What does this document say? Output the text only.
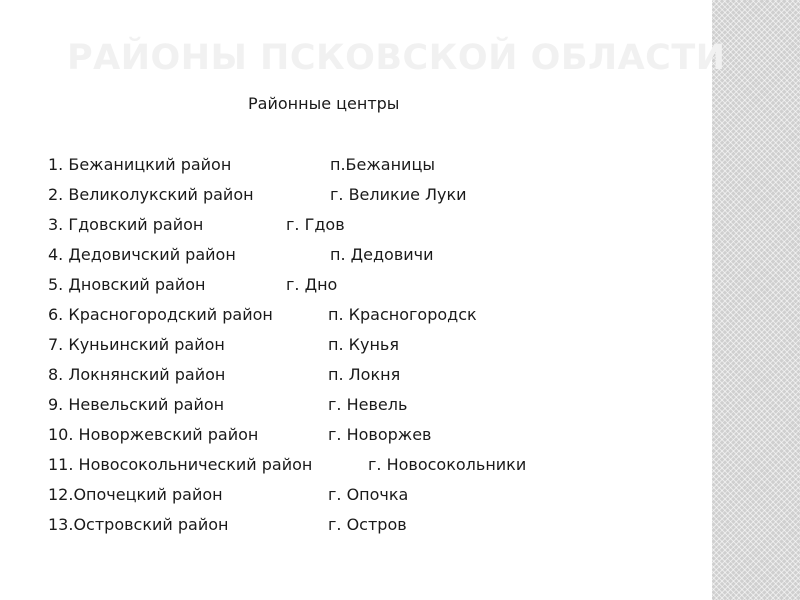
РАЙОНЫ ПСКОВСКОЙ ОБЛАСТИ
Районные центры
1. Бежаницкий район	п.Бежаницы
2. Великолукский район	г. Великие Луки
3. Гдовский район	г. Гдов
4. Дедовичский район	п. Дедовичи
5. Дновский район	г. Дно
6. Красногородский район	п. Красногородск
7. Куньинский район	п. Кунья
8. Локнянский район	п. Локня
9. Невельский район	г. Невель
10. Новоржевский район	г. Новоржев
11. Новосокольнический район	г. Новосокольники
12.Опочецкий район	г. Опочка
13.Островский район	г. Остров
